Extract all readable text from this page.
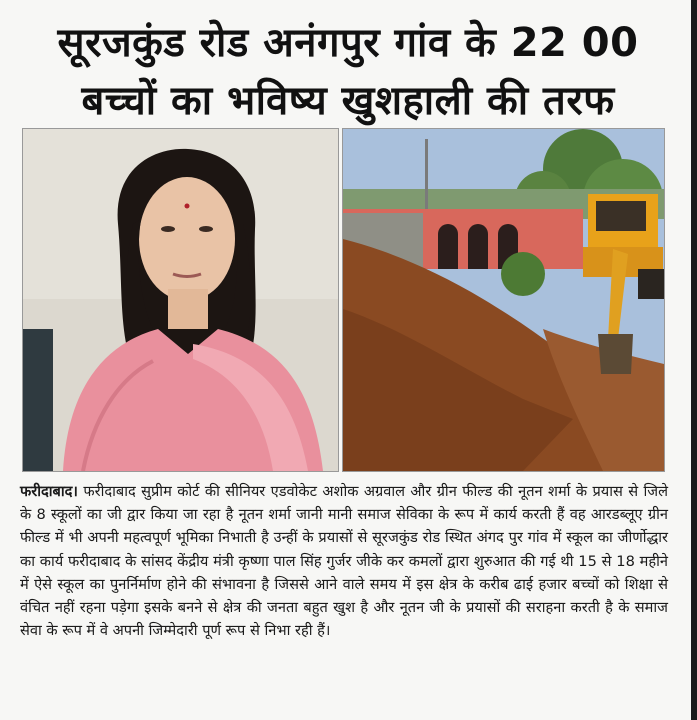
सूरजकुंड रोड अनंगपुर गांव के 22 00
बच्चों का भविष्य खुशहाली की तरफ
फरीदाबाद। फरीदाबाद सुप्रीम कोर्ट की सीनियर एडवोकेट अशोक अग्रवाल और ग्रीन फील्ड की नूतन शर्मा के प्रयास से जिले के 8 स्कूलों का जी द्वार किया जा रहा है नूतन शर्मा जानी मानी समाज सेविका के रूप में कार्य करती हैं वह आरडब्लूए ग्रीन फील्ड में भी अपनी महत्वपूर्ण भूमिका निभाती है उन्हीं के प्रयासों से सूरजकुंड रोड स्थित अंगद पुर गांव में स्कूल का जीर्णोद्धार का कार्य फरीदाबाद के सांसद केंद्रीय मंत्री कृष्णा पाल सिंह गुर्जर जीके कर कमलों द्वारा शुरुआत की गई थी 15 से 18 महीने में ऐसे स्कूल का पुनर्निर्माण होने की संभावना है जिससे आने वाले समय में इस क्षेत्र के करीब ढाई हजार बच्चों को शिक्षा से वंचित नहीं रहना पड़ेगा इसके बनने से क्षेत्र की जनता बहुत खुश है और नूतन जी के प्रयासों की सराहना करती है के समाज सेवा के रूप में वे अपनी जिम्मेदारी पूर्ण रूप से निभा रही हैं।
